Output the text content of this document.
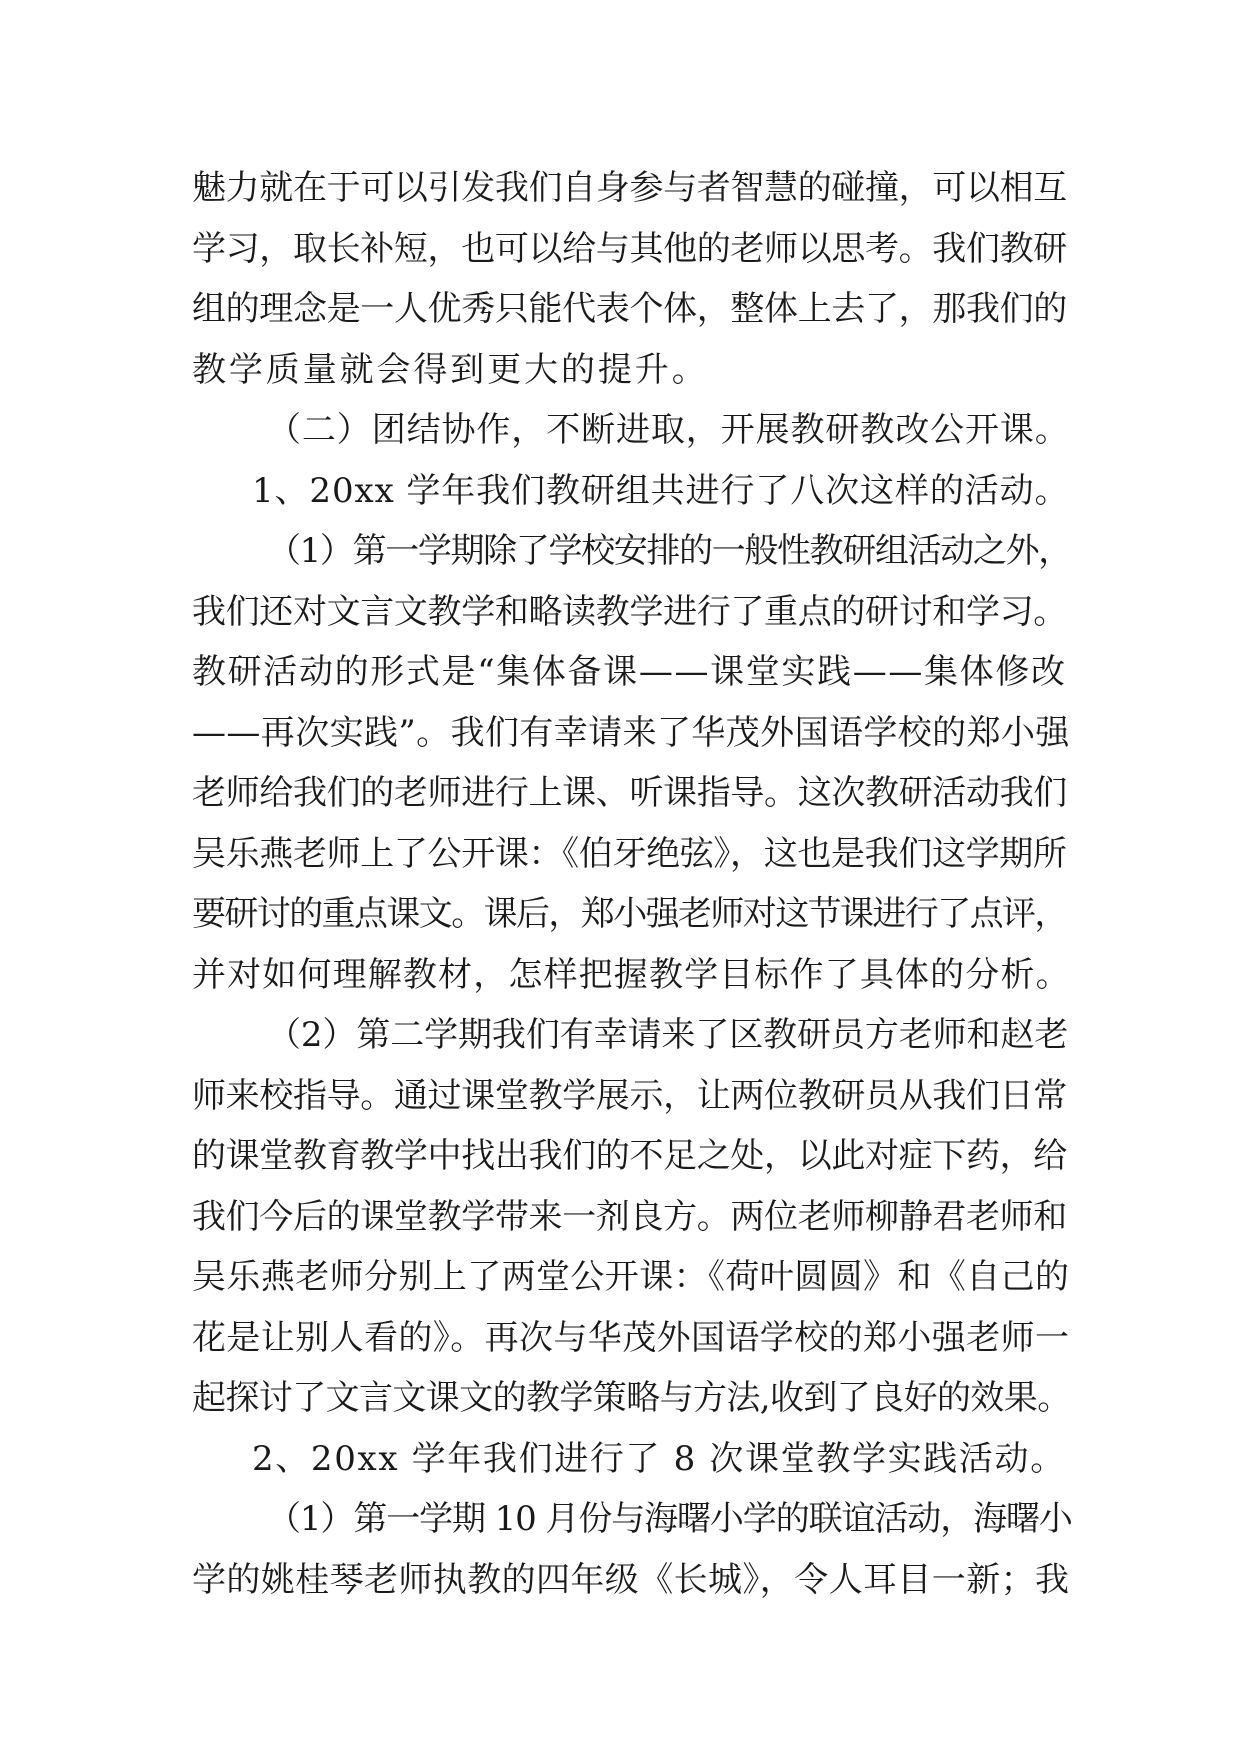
魅力就在于可以引发我们自身参与者智慧的碰撞，可以相互
学习，取长补短，也可以给与其他的老师以思考。我们教研
组的理念是一人优秀只能代表个体，整体上去了，那我们的
教学质量就会得到更大的提升。
（二）团结协作，不断进取，开展教研教改公开课。
1、20xx 学年我们教研组共进行了八次这样的活动。
（1）第一学期除了学校安排的一般性教研组活动之外，
我们还对文言文教学和略读教学进行了重点的研讨和学习。
教研活动的形式是“集体备课——课堂实践——集体修改
——再次实践”。我们有幸请来了华茂外国语学校的郑小强
老师给我们的老师进行上课、听课指导。这次教研活动我们
吴乐燕老师上了公开课：《伯牙绝弦》，这也是我们这学期所
要研讨的重点课文。课后，郑小强老师对这节课进行了点评，
并对如何理解教材，怎样把握教学目标作了具体的分析。
（2）第二学期我们有幸请来了区教研员方老师和赵老
师来校指导。通过课堂教学展示，让两位教研员从我们日常
的课堂教育教学中找出我们的不足之处，以此对症下药，给
我们今后的课堂教学带来一剂良方。两位老师柳静君老师和
吴乐燕老师分别上了两堂公开课：《荷叶圆圆》和《自己的
花是让别人看的》。再次与华茂外国语学校的郑小强老师一
起探讨了文言文课文的教学策略与方法,收到了良好的效果。
2、20xx 学年我们进行了 8 次课堂教学实践活动。
（1）第一学期 10 月份与海曙小学的联谊活动，海曙小
学的姚桂琴老师执教的四年级《长城》，令人耳目一新；我
